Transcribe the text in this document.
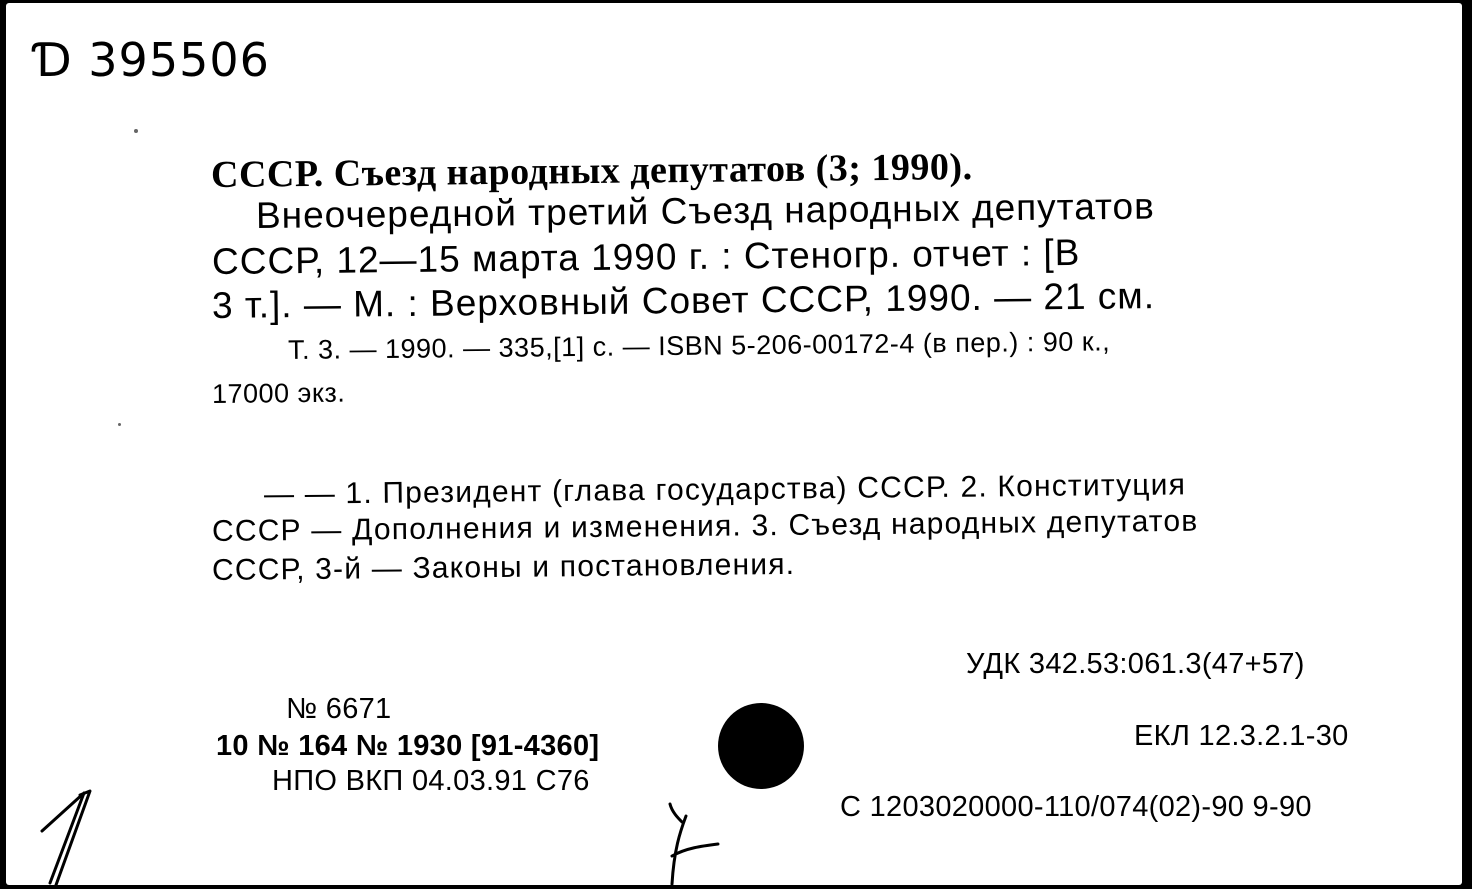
Ɗ 395506
СССР. Съезд народных депутатов (3; 1990).
Внеочередной третий Съезд народных депутатов
СССР, 12—15 марта 1990 г. : Стеногр. отчет : [В
3 т.]. — М. : Верховный Совет СССР, 1990. — 21 см.
Т. 3. — 1990. — 335,[1] с. — ISBN 5-206-00172-4 (в пер.) : 90 к.,
17000 экз.
— — 1. Президент (глава государства) СССР. 2. Конституция
СССР — Дополнения и изменения. 3. Съезд народных депутатов
СССР, 3-й — Законы и постановления.
УДК 342.53:061.3(47+57)
ЕКЛ 12.3.2.1-30
С 1203020000-110/074(02)-90 9-90
№ 6671
10 № 164 № 1930 [91-4360]
НПО ВКП 04.03.91 С76
